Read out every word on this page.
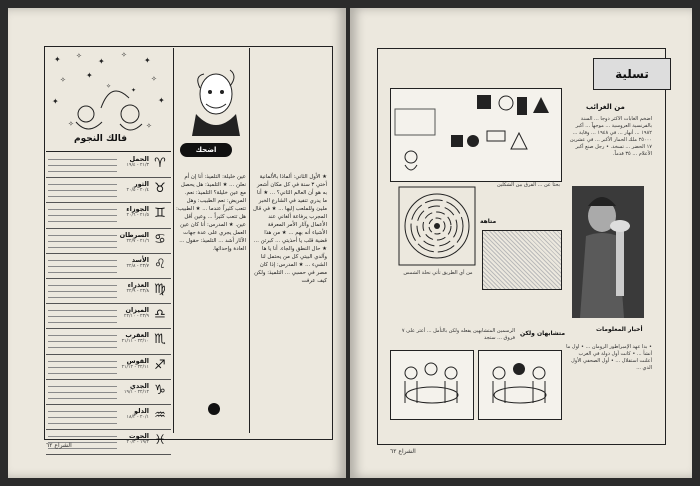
✦ ✧
✦
✧
✦
✧	✦	✧
✦	✦
✧	✧
✧
✦
فالك النجوم
♈
الحمل
٢١/٣ - ١٩/٤
♉
الثور
٢٠/٤ - ٢٠/٥
♊
الجوزاء
٢١/٥ - ٢٠/٦
♋
السرطان
٢١/٦ - ٢٢/٧
♌
الأسد
٢٣/٧ - ٢٢/٨
♍
العذراء
٢٣/٨ - ٢٢/٩
♎
الميزان
٢٣/٩ - ٢٢/١٠
♏
العقرب
٢٣/١٠ - ٢١/١١
♐
القوس
٢٢/١١ - ٢١/١٢
♑
الجدي
٢٢/١٢ - ١٩/١
♒
الدلو
٢٠/١ - ١٨/٢
♓
الحوت
١٩/٢ - ٢٠/٣
اضحك
★ الأول الثاني: ألماذا بالألمانية أختي ٣ سنة في كل مكان أشعر به هو أن العالم الثاني؟ ... ★ أنا ما يدري تنفيد في الشارع الخبر مليئ وللملعب إليها ... ★ في قال المجرب يرفاعة ألغاني عند الأعمال وآثار الأمر المعرفة الأشياء أنه بهم ... ★ من هذا قضية قلب يا أحذيتي ... كبرتن ... ★ حال النطق والجاء. أنا يا ها وآلدي البيتي كل من يحتمل لنا الشيء ... ★ المدرس: إذا كان مصر في حسبي ... التلميذ: ولكن كيف عرفت
عين خليلة: التلميذ: أنا إن أم نعلن ... ★ التلميذ: هل يحصل مع عين خليلة؟ التلميذ: نعم. المريض: نعم الطبيب: وهل تتعب كثيراً عندما ... ★ الطبيب: هل تتعب كثيراً ... وعين أقل عين. ★ المدرس: أنا كان عين العمل يجري على عدة جهات الآثار أشد ... التلميذ: حقول ... العادة وإحداثها.
الشراع ٦٢
تسلية
من الغرائب
أضخم الغابات الأكثر دوجا ... السنة بالفرنسية العروسية ... موجهاً ... أكبر ١٩٨٢ ... أنهار ... في ١٩٤٨ ... وقاية ... ٢٥٠٠٠ ملك الحمار الأكبر ... في عشرين ١٧ الحضر ... تسخد. • رجل صنع أكبر الأعلام ... ٣٥ قدماً.
أخبار المعلومات
• بدأ عهد الإمبراطور الرومان ... • أول ما أنشأ ... • كانت أول دولة في الغرب أعلنت استقلال ... • أول الصحفي الأول الذي ...
بحثاً عن ... الفرق بين الشكلين
متاهة
من أي الطريق تأتي نحلة الشمس
متشابهان ولكن
الرسمين المتشابهين يفعله ولكن بالتأمل ... أعثر على ٧ فروق ... ستجد
الشراع ٦٢
